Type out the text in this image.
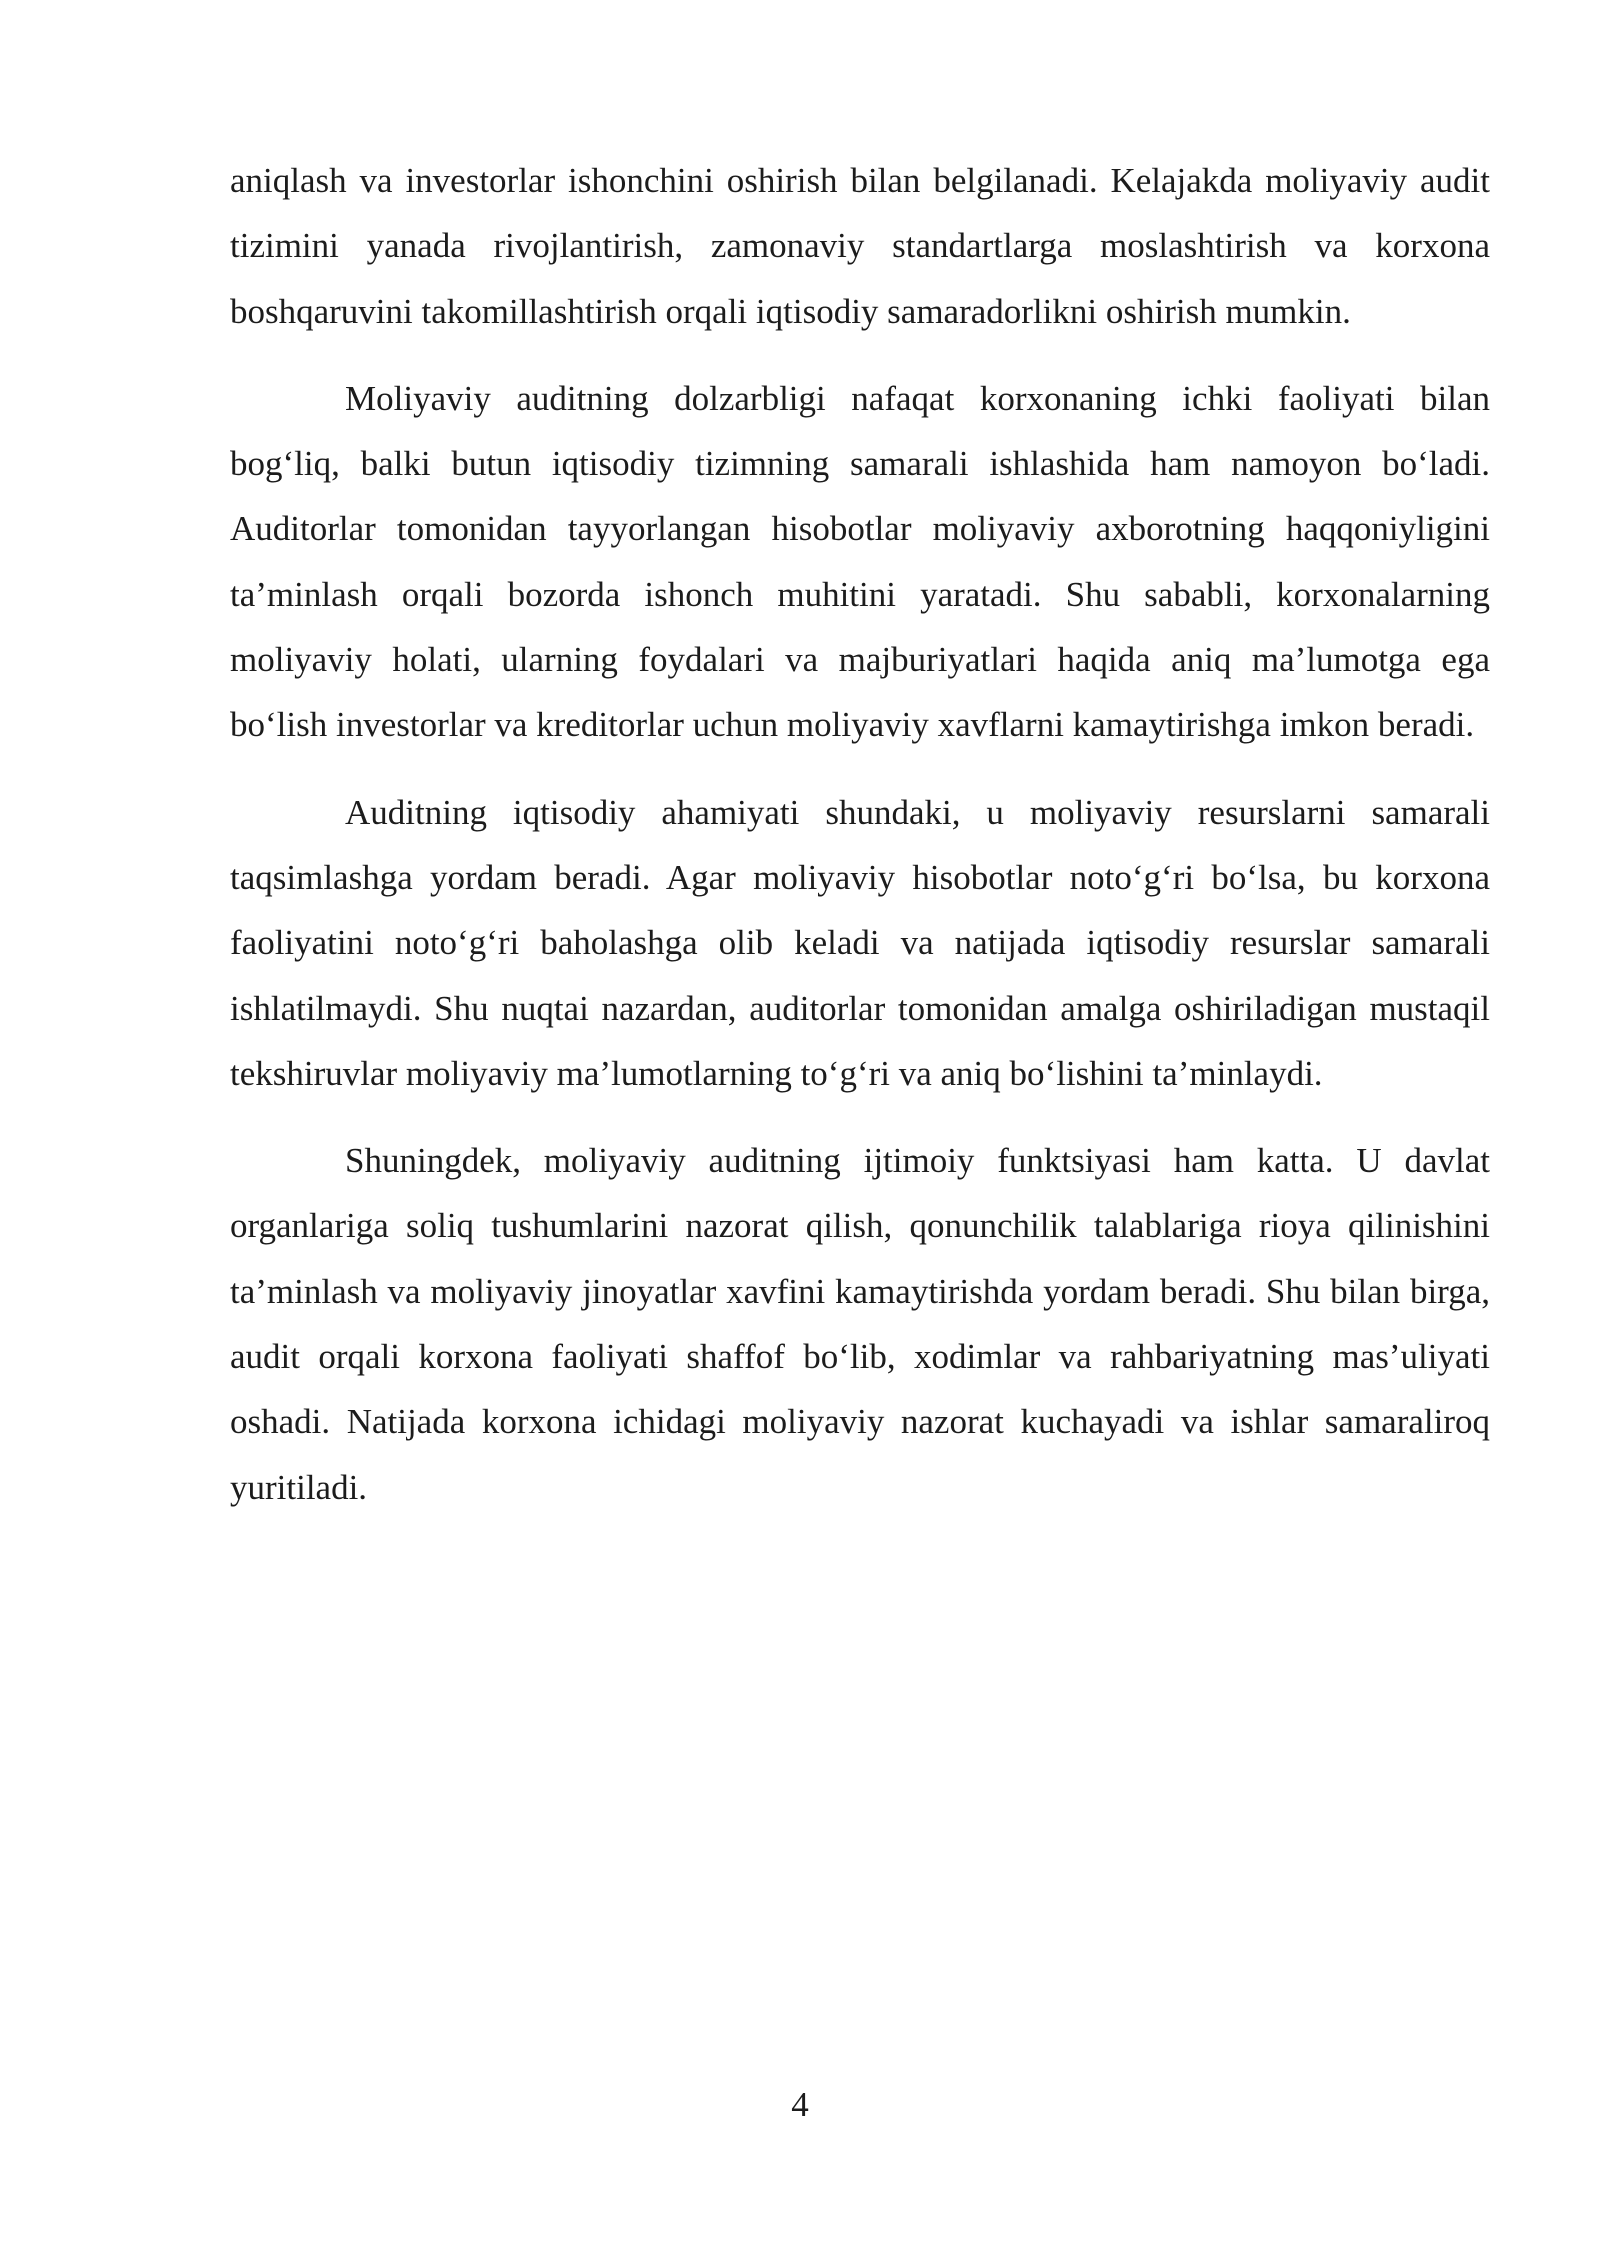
aniqlash va investorlar ishonchini oshirish bilan belgilanadi. Kelajakda moliyaviy audit tizimini yanada rivojlantirish, zamonaviy standartlarga moslashtirish va korxona boshqaruvini takomillashtirish orqali iqtisodiy samaradorlikni oshirish mumkin.

Moliyaviy auditning dolzarbligi nafaqat korxonaning ichki faoliyati bilan bog‘liq, balki butun iqtisodiy tizimning samarali ishlashida ham namoyon bo‘ladi. Auditorlar tomonidan tayyorlangan hisobotlar moliyaviy axborotning haqqoniyligini ta’minlash orqali bozorda ishonch muhitini yaratadi. Shu sababli, korxonalarning moliyaviy holati, ularning foydalari va majburiyatlari haqida aniq ma’lumotga ega bo‘lish investorlar va kreditorlar uchun moliyaviy xavflarni kamaytirishga imkon beradi.

Auditning iqtisodiy ahamiyati shundaki, u moliyaviy resurslarni samarali taqsimlashga yordam beradi. Agar moliyaviy hisobotlar noto‘g‘ri bo‘lsa, bu korxona faoliyatini noto‘g‘ri baholashga olib keladi va natijada iqtisodiy resurslar samarali ishlatilmaydi. Shu nuqtai nazardan, auditorlar tomonidan amalga oshiriladigan mustaqil tekshiruvlar moliyaviy ma’lumotlarning to‘g‘ri va aniq bo‘lishini ta’minlaydi.

Shuningdek, moliyaviy auditning ijtimoiy funktsiyasi ham katta. U davlat organlariga soliq tushumlarini nazorat qilish, qonunchilik talablariga rioya qilinishini ta’minlash va moliyaviy jinoyatlar xavfini kamaytirishda yordam beradi. Shu bilan birga, audit orqali korxona faoliyati shaffof bo‘lib, xodimlar va rahbariyatning mas’uliyati oshadi. Natijada korxona ichidagi moliyaviy nazorat kuchayadi va ishlar samaraliroq yuritiladi.

4
